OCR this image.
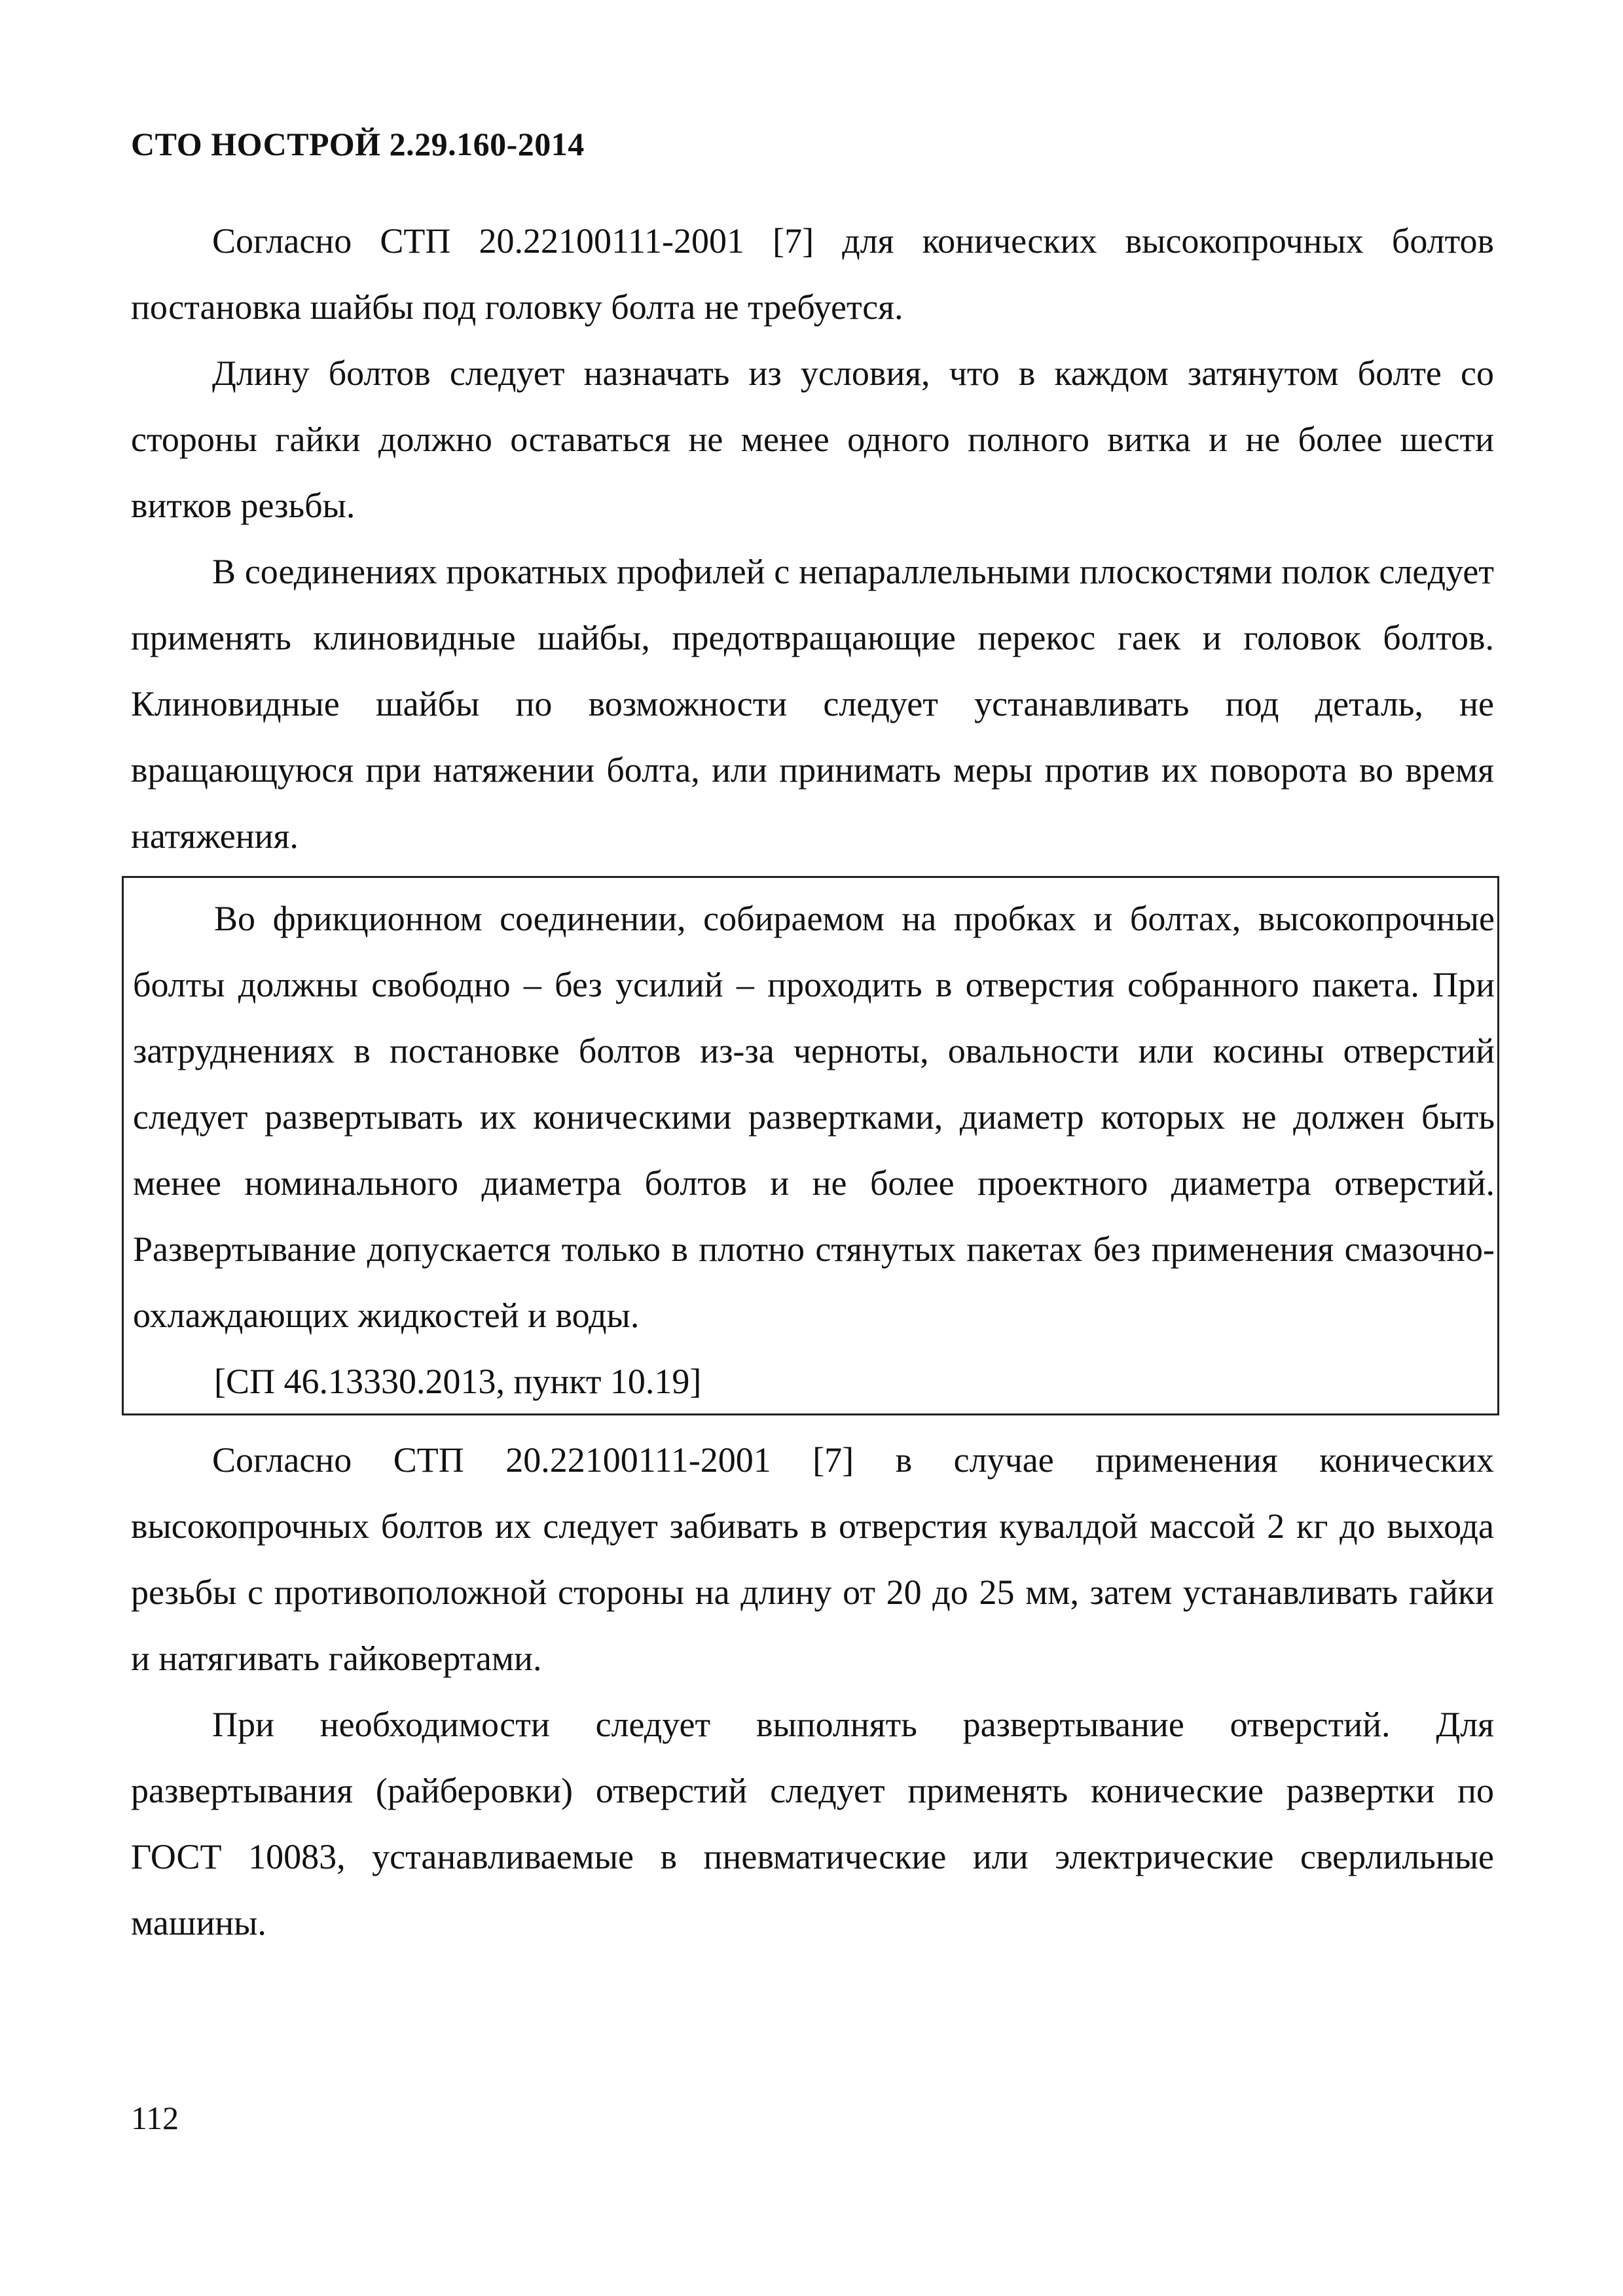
СТО НОСТРОЙ 2.29.160-2014

Согласно СТП 20.22100111-2001 [7] для конических высокопрочных болтов постановка шайбы под головку болта не требуется.

Длину болтов следует назначать из условия, что в каждом затянутом болте со стороны гайки должно оставаться не менее одного полного витка и не более шести витков резьбы.

В соединениях прокатных профилей с непараллельными плоскостями полок следует применять клиновидные шайбы, предотвращающие перекос гаек и головок болтов. Клиновидные шайбы по возможности следует устанавливать под деталь, не вращающуюся при натяжении болта, или принимать меры против их поворота во время натяжения.

Во фрикционном соединении, собираемом на пробках и болтах, высокопрочные болты должны свободно – без усилий – проходить в отверстия собранного пакета. При затруднениях в постановке болтов из-за черноты, овальности или косины отверстий следует развертывать их коническими развертками, диаметр которых не должен быть менее номинального диаметра болтов и не более проектного диаметра отверстий. Развертывание допускается только в плотно стянутых пакетах без применения смазочно-охлаждающих жидкостей и воды.

[СП 46.13330.2013, пункт 10.19]

Согласно СТП 20.22100111-2001 [7] в случае применения конических высокопрочных болтов их следует забивать в отверстия кувалдой массой 2 кг до выхода резьбы с противоположной стороны на длину от 20 до 25 мм, затем устанавливать гайки и натягивать гайковертами.

При необходимости следует выполнять развертывание отверстий. Для развертывания (райберовки) отверстий следует применять конические развертки по ГОСТ 10083, устанавливаемые в пневматические или электрические сверлильные машины.

112
